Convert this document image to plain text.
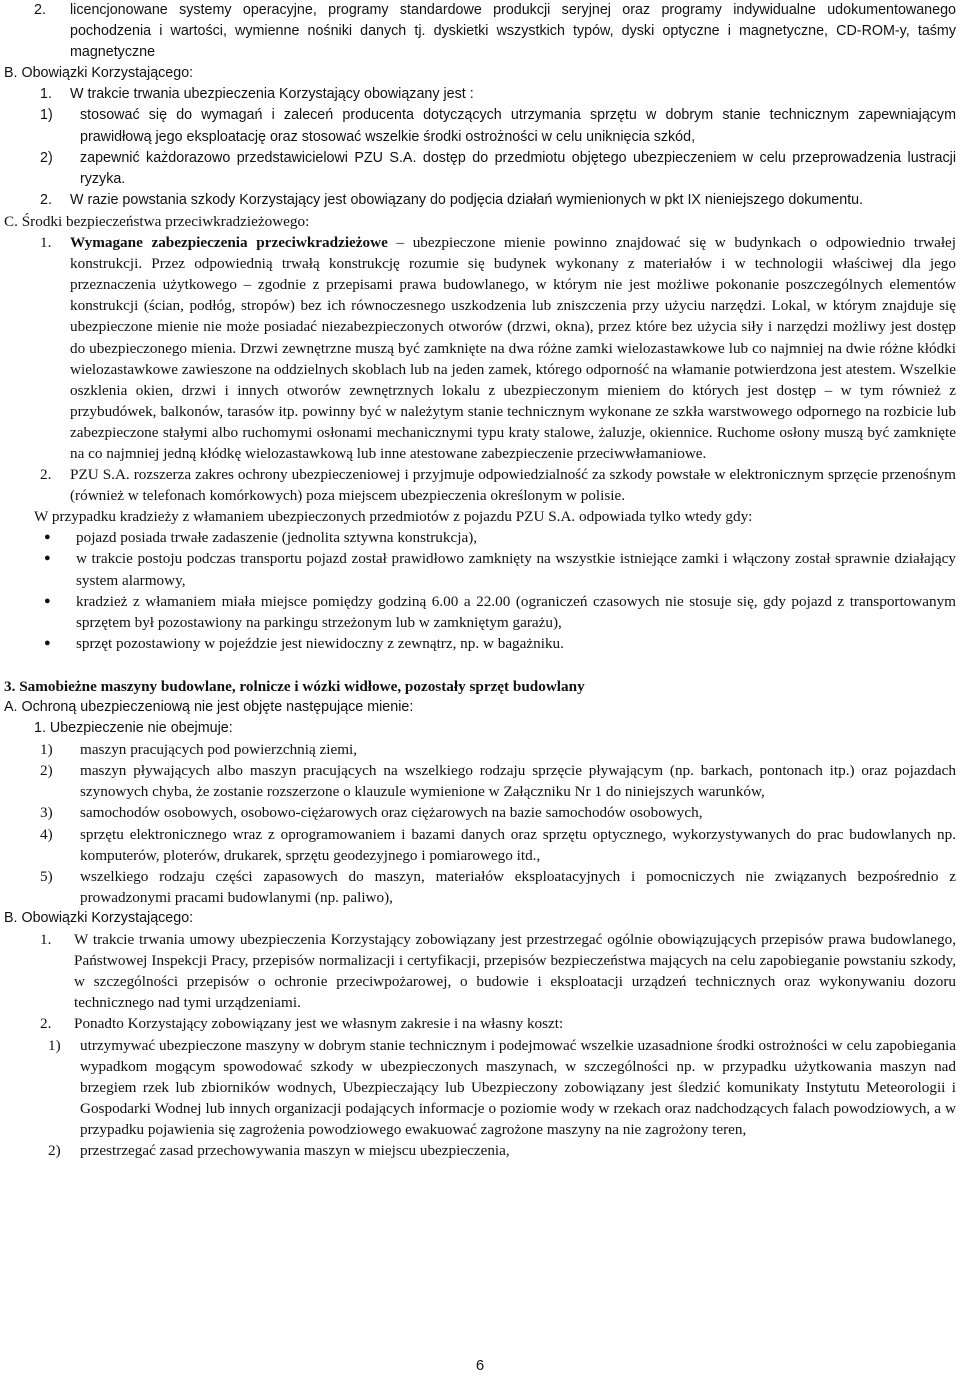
2. licencjonowane systemy operacyjne, programy standardowe produkcji seryjnej oraz programy indywidualne udokumentowanego pochodzenia i wartości, wymienne nośniki danych tj. dyskietki wszystkich typów, dyski optyczne i magnetyczne, CD-ROM-y, taśmy magnetyczne
B. Obowiązki Korzystającego:
1. W trakcie trwania ubezpieczenia Korzystający obowiązany jest :
1) stosować się do wymagań i zaleceń producenta dotyczących utrzymania sprzętu w dobrym stanie technicznym zapewniającym prawidłową jego eksploatację oraz stosować wszelkie środki ostrożności w celu uniknięcia szkód,
2) zapewnić każdorazowo przedstawicielowi PZU S.A. dostęp do przedmiotu objętego ubezpieczeniem w celu przeprowadzenia lustracji ryzyka.
2. W razie powstania szkody Korzystający jest obowiązany do podjęcia działań wymienionych w pkt IX nieniejszego dokumentu.
C. Środki bezpieczeństwa przeciwkradzieżowego:
1. Wymagane zabezpieczenia przeciwkradzieżowe – ubezpieczone mienie powinno znajdować się w budynkach o odpowiednio trwałej konstrukcji. Przez odpowiednią trwałą konstrukcję rozumie się budynek wykonany z materiałów i w technologii właściwej dla jego przeznaczenia użytkowego – zgodnie z przepisami prawa budowlanego, w którym nie jest możliwe pokonanie poszczególnych elementów konstrukcji (ścian, podłóg, stropów) bez ich równoczesnego uszkodzenia lub zniszczenia przy użyciu narzędzi. Lokal, w którym znajduje się ubezpieczone mienie nie może posiadać niezabezpieczonych otworów (drzwi, okna), przez które bez użycia siły i narzędzi możliwy jest dostęp do ubezpieczonego mienia. Drzwi zewnętrzne muszą być zamknięte na dwa różne zamki wielozastawkowe lub co najmniej na dwie różne kłódki wielozastawkowe zawieszone na oddzielnych skoblach lub na jeden zamek, którego odporność na włamanie potwierdzona jest atestem. Wszelkie oszklenia okien, drzwi i innych otworów zewnętrznych lokalu z ubezpieczonym mieniem do których jest dostęp – w tym również z przybudówek, balkonów, tarasów itp. powinny być w należytym stanie technicznym wykonane ze szkła warstwowego odpornego na rozbicie lub zabezpieczone stałymi albo ruchomymi osłonami mechanicznymi typu kraty stalowe, żaluzje, okiennice. Ruchome osłony muszą być zamknięte na co najmniej jedną kłódkę wielozastawkową lub inne atestowane zabezpieczenie przeciwwłamaniowe.
2. PZU S.A. rozszerza zakres ochrony ubezpieczeniowej i przyjmuje odpowiedzialność za szkody powstałe w elektronicznym sprzęcie przenośnym (również w telefonach komórkowych) poza miejscem ubezpieczenia określonym w polisie.
W przypadku kradzieży z włamaniem ubezpieczonych przedmiotów z pojazdu PZU S.A. odpowiada tylko wtedy gdy:
● pojazd posiada trwałe zadaszenie (jednolita sztywna konstrukcja),
● w trakcie postoju podczas transportu pojazd został prawidłowo zamknięty na wszystkie istniejące zamki i włączony został sprawnie działający system alarmowy,
● kradzież z włamaniem miała miejsce pomiędzy godziną 6.00 a 22.00 (ograniczeń czasowych nie stosuje się, gdy pojazd z transportowanym sprzętem był pozostawiony na parkingu strzeżonym lub w zamkniętym garażu),
● sprzęt pozostawiony w pojeździe jest niewidoczny z zewnątrz, np. w bagażniku.
3. Samobieżne maszyny budowlane, rolnicze i wózki widłowe, pozostały sprzęt budowlany
A. Ochroną ubezpieczeniową nie jest objęte następujące mienie:
1. Ubezpieczenie nie obejmuje:
1) maszyn pracujących pod powierzchnią ziemi,
2) maszyn pływających albo maszyn pracujących na wszelkiego rodzaju sprzęcie pływającym (np. barkach, pontonach itp.) oraz pojazdach szynowych chyba, że zostanie rozszerzone o klauzule wymienione w Załączniku Nr 1 do niniejszych warunków,
3) samochodów osobowych, osobowo-ciężarowych oraz ciężarowych na bazie samochodów osobowych,
4) sprzętu elektronicznego wraz z oprogramowaniem i bazami danych oraz sprzętu optycznego, wykorzystywanych do prac budowlanych np. komputerów, ploterów, drukarek, sprzętu geodezyjnego i pomiarowego itd.,
5) wszelkiego rodzaju części zapasowych do maszyn, materiałów eksploatacyjnych i pomocniczych nie związanych bezpośrednio z prowadzonymi pracami budowlanymi (np. paliwo),
B. Obowiązki Korzystającego:
1. W trakcie trwania umowy ubezpieczenia Korzystający zobowiązany jest przestrzegać ogólnie obowiązujących przepisów prawa budowlanego, Państwowej Inspekcji Pracy, przepisów normalizacji i certyfikacji, przepisów bezpieczeństwa mających na celu zapobieganie powstaniu szkody, w szczególności przepisów o ochronie przeciwpożarowej, o budowie i eksploatacji urządzeń technicznych oraz wykonywaniu dozoru technicznego nad tymi urządzeniami.
2. Ponadto Korzystający zobowiązany jest we własnym zakresie i na własny koszt:
1) utrzymywać ubezpieczone maszyny w dobrym stanie technicznym i podejmować wszelkie uzasadnione środki ostrożności w celu zapobiegania wypadkom mogącym spowodować szkody w ubezpieczonych maszynach, w szczególności np. w przypadku użytkowania maszyn nad brzegiem rzek lub zbiorników wodnych, Ubezpieczający lub Ubezpieczony zobowiązany jest śledzić komunikaty Instytutu Meteorologii i Gospodarki Wodnej lub innych organizacji podających informacje o poziomie wody w rzekach oraz nadchodzących falach powodziowych, a w przypadku pojawienia się zagrożenia powodziowego ewakuować zagrożone maszyny na nie zagrożony teren,
2) przestrzegać zasad przechowywania maszyn w miejscu ubezpieczenia,
6
